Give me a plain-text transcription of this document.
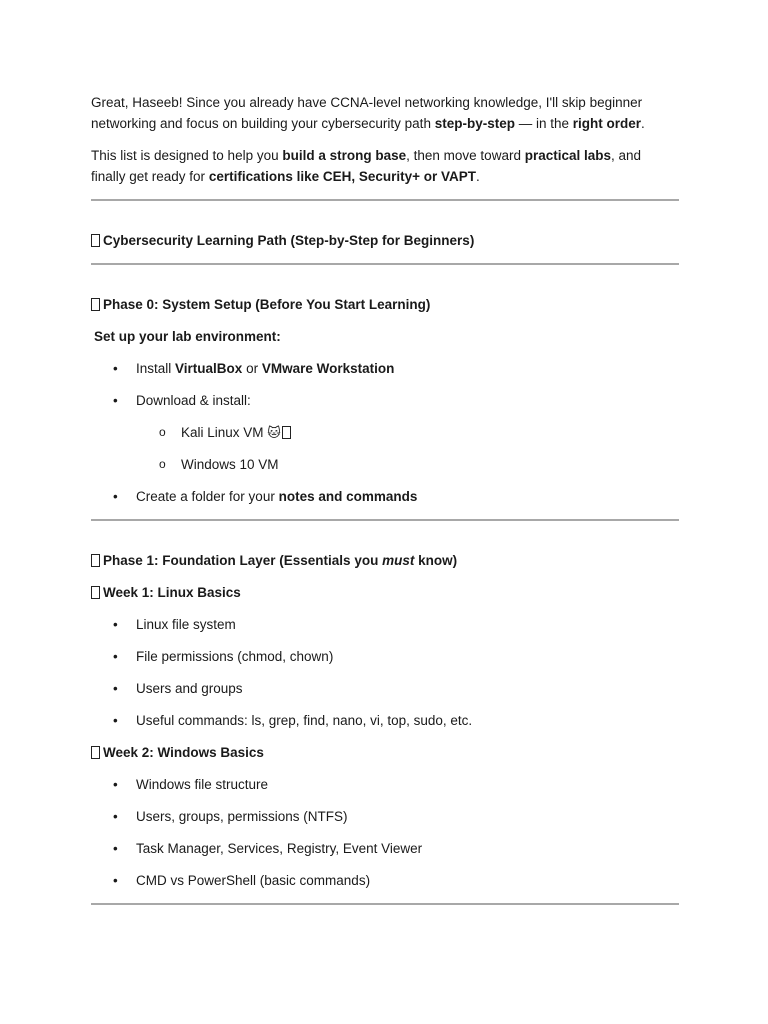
Great, Haseeb! Since you already have CCNA-level networking knowledge, I'll skip beginner networking and focus on building your cybersecurity path step-by-step — in the right order.

This list is designed to help you build a strong base, then move toward practical labs, and finally get ready for certifications like CEH, Security+ or VAPT.

Cybersecurity Learning Path (Step-by-Step for Beginners)
Phase 0: System Setup (Before You Start Learning)
Set up your lab environment:
• Install VirtualBox or VMware Workstation
• Download & install:
o Kali Linux VM 🐱
o Windows 10 VM
• Create a folder for your notes and commands
Phase 1: Foundation Layer (Essentials you must know)
Week 1: Linux Basics
• Linux file system
• File permissions (chmod, chown)
• Users and groups
• Useful commands: ls, grep, find, nano, vi, top, sudo, etc.
Week 2: Windows Basics
• Windows file structure
• Users, groups, permissions (NTFS)
• Task Manager, Services, Registry, Event Viewer
• CMD vs PowerShell (basic commands)
